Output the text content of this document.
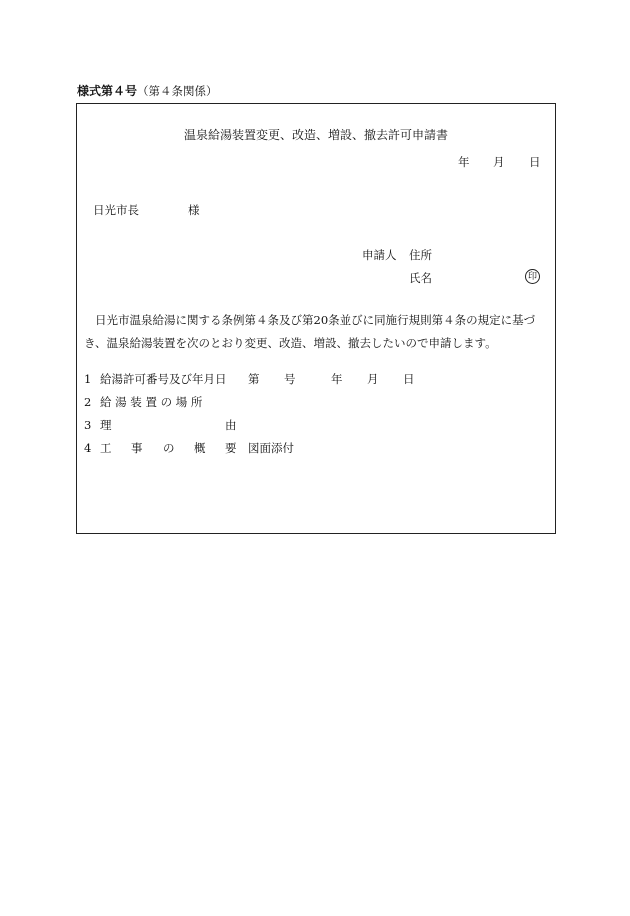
様式第４号（第４条関係）
温泉給湯装置変更、改造、増設、撤去許可申請書
年 月 日
日光市長	様
申請人 住所
氏名	印
日光市温泉給湯に関する条例第４条及び第20条並びに同施行規則第４条の規定に基づき、温泉給湯装置を次のとおり変更、改造、増設、撤去したいので申請します。
1 給湯許可番号及び年月日 第 号	年 月 日
2 給 湯 装 置 の 場 所
3 理	由
4 工 事 の 概 要 図面添付
